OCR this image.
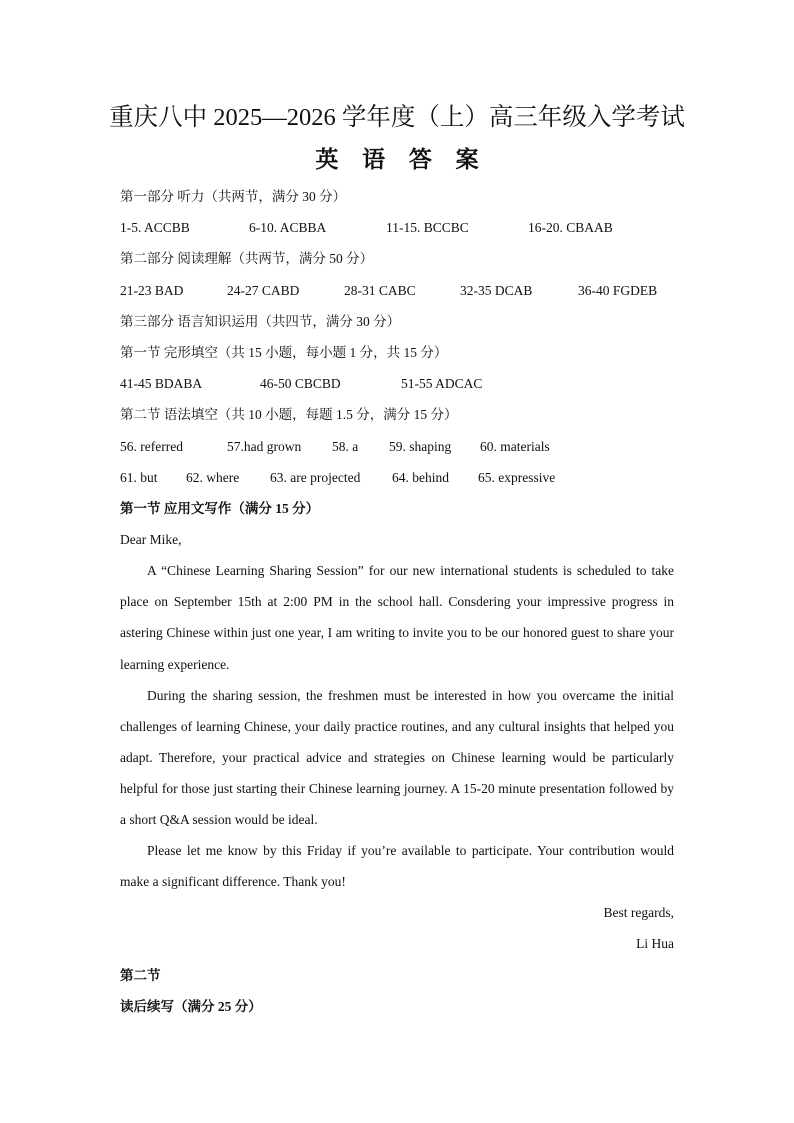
重庆八中 2025—2026 学年度（上）高三年级入学考试
英 语 答 案
第一部分 听力（共两节，满分 30 分）
1-5. ACCBB	6-10. ACBBA	11-15. BCCBC	16-20. CBAAB
第二部分 阅读理解（共两节，满分 50 分）
21-23 BAD	24-27 CABD	28-31 CABC	32-35 DCAB	36-40 FGDEB
第三部分 语言知识运用（共四节，满分 30 分）
第一节 完形填空（共 15 小题，每小题 1 分，共 15 分）
41-45 BDABA	46-50 CBCBD	51-55 ADCAC
第二节 语法填空（共 10 小题，每题 1.5 分，满分 15 分）
56. referred	57.had grown 58. a 59. shaping 60. materials
61. but 62. where 63. are projected 64. behind 65. expressive
第一节 应用文写作（满分 15 分）
Dear Mike,

A “Chinese Learning Sharing Session” for our new international students is scheduled to take place on September 15th at 2:00 PM in the school hall. Consdering your impressive progress in astering Chinese within just one year, I am writing to invite you to be our honored guest to share your learning experience.

During the sharing session, the freshmen must be interested in how you overcame the initial challenges of learning Chinese, your daily practice routines, and any cultural insights that helped you adapt. Therefore, your practical advice and strategies on Chinese learning would be particularly helpful for those just starting their Chinese learning journey. A 15-20 minute presentation followed by a short Q&A session would be ideal.

Please let me know by this Friday if you’re available to participate. Your contribution would make a significant difference. Thank you!

Best regards,
Li Hua
第二节
读后续写（满分 25 分）
